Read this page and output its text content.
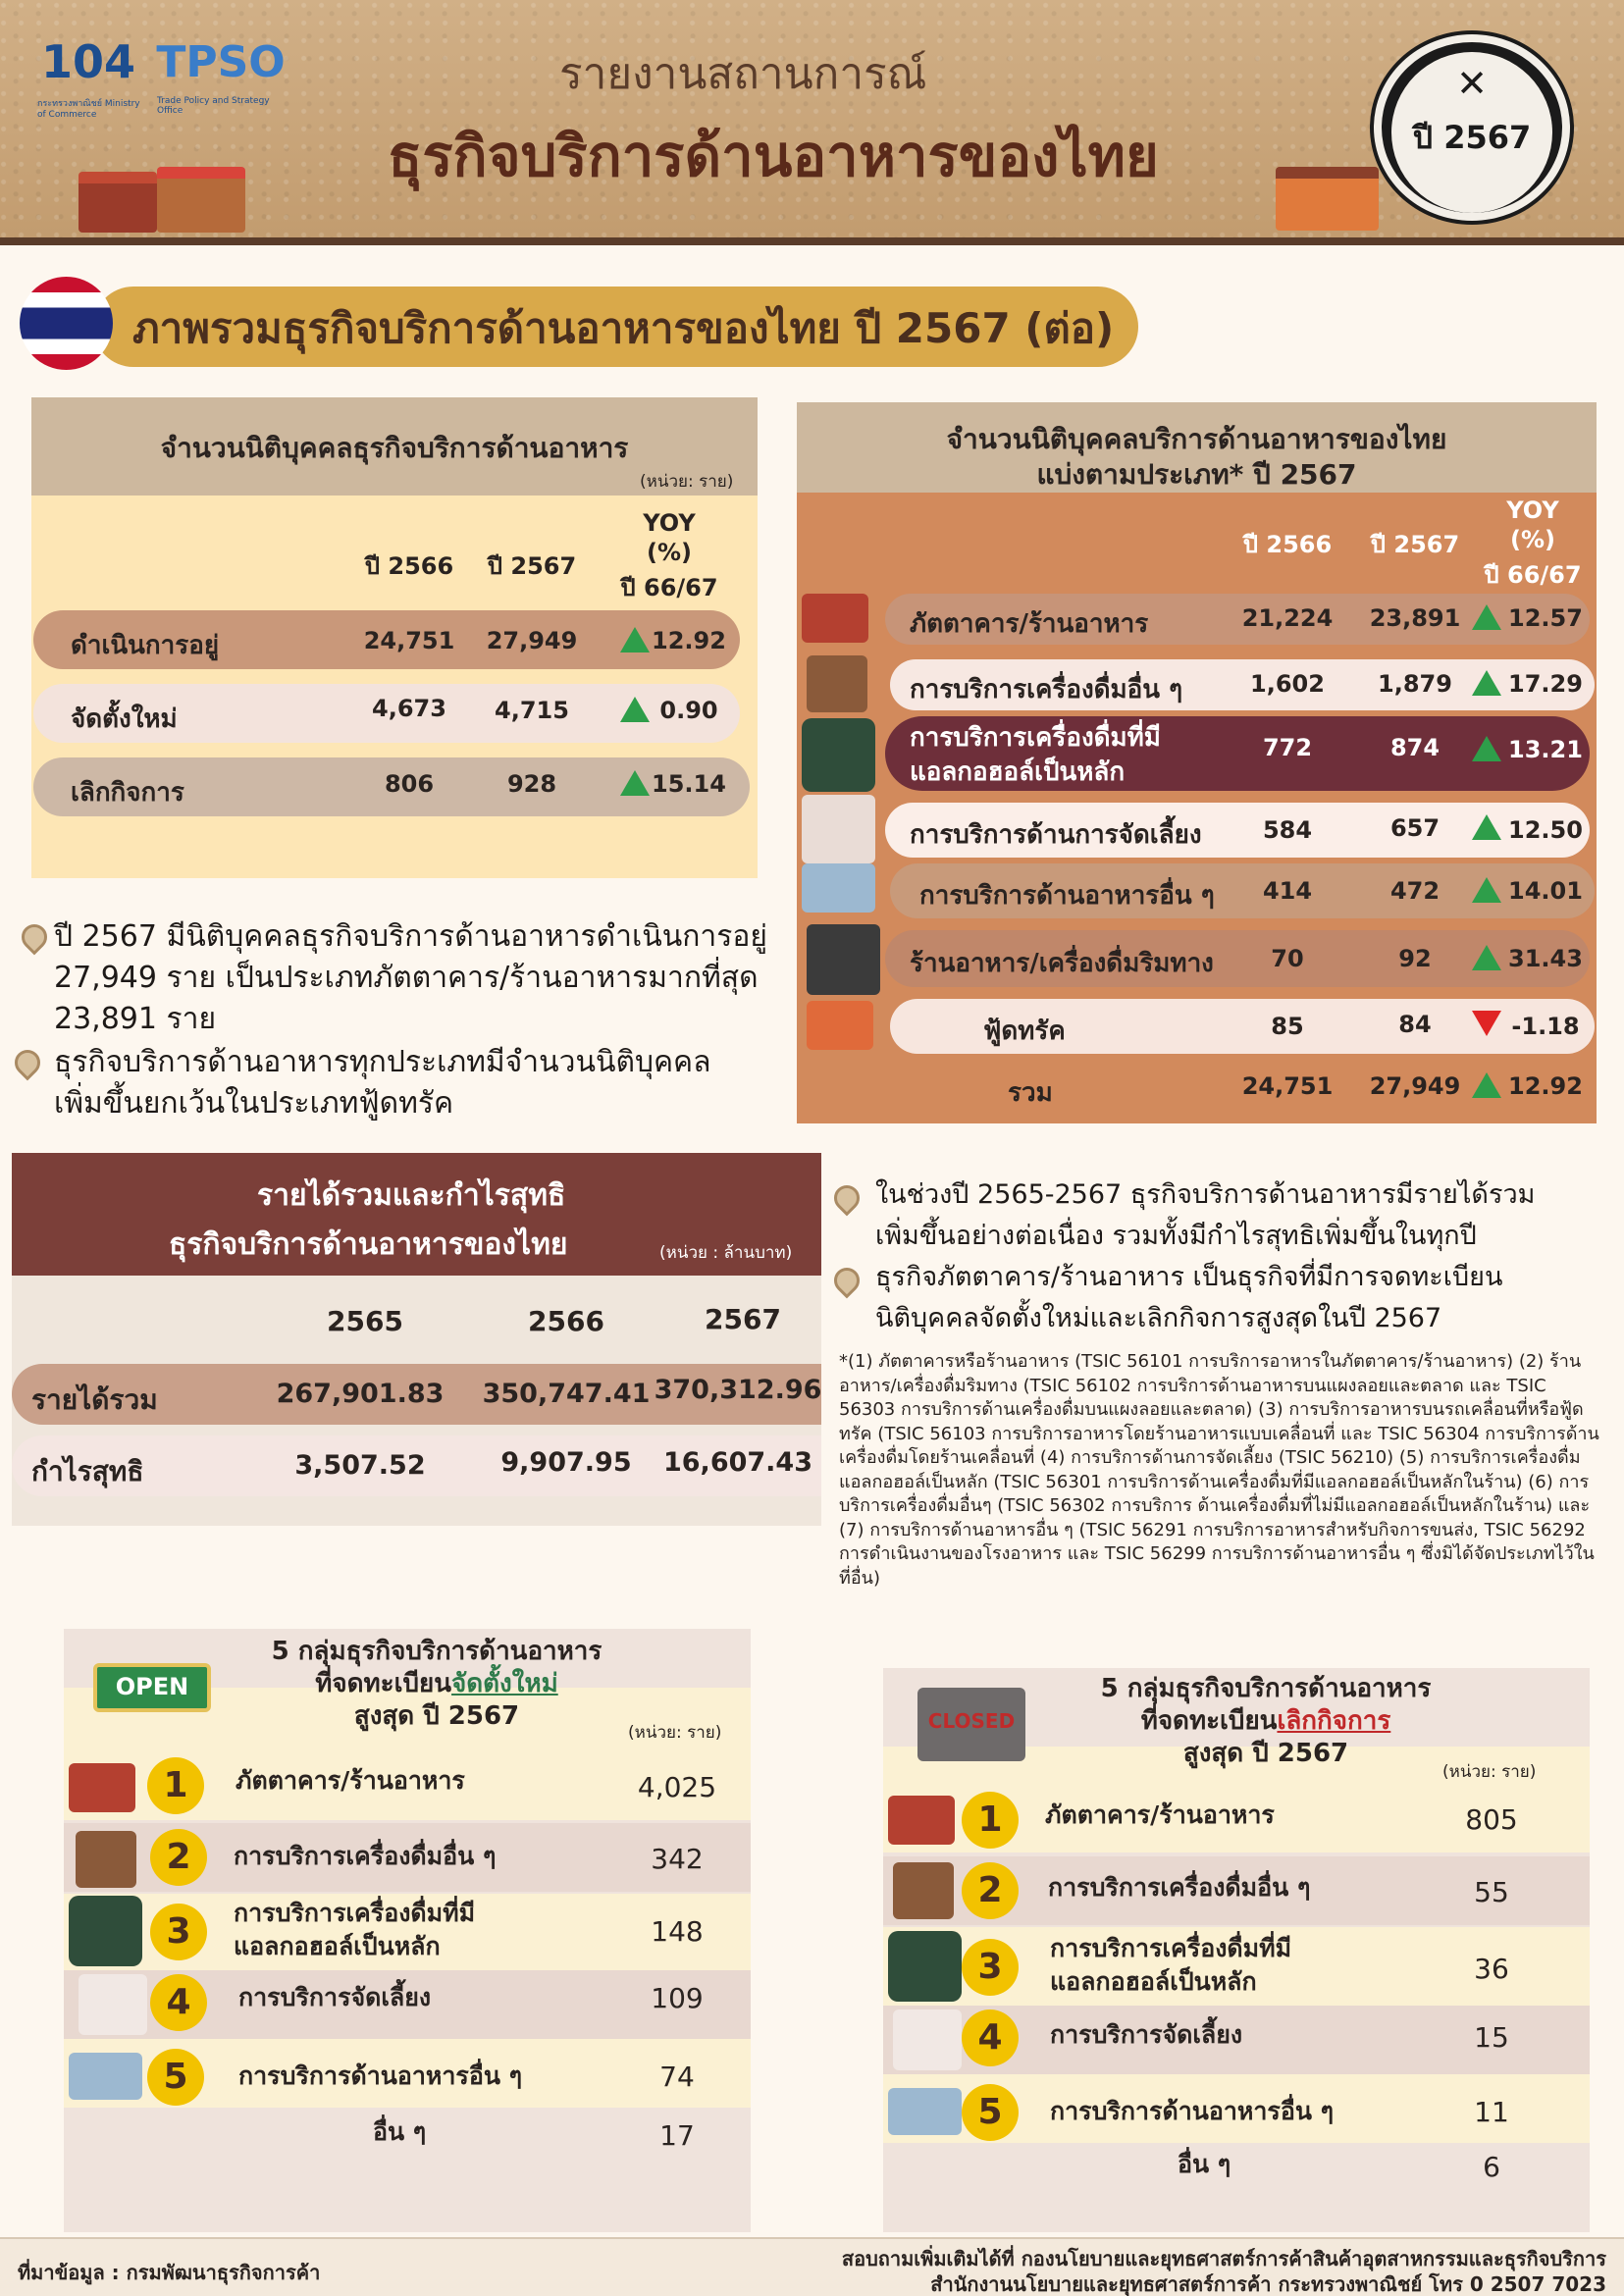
104
กระทรวงพาณิชย์ Ministry of Commerce
TPSO
Trade Policy and Strategy Office
รายงานสถานการณ์
ธุรกิจบริการด้านอาหารของไทย
✕
ปี 2567
ภาพรวมธุรกิจบริการด้านอาหารของไทย ปี 2567 (ต่อ)
จำนวนนิติบุคคลธุรกิจบริการด้านอาหาร
(หน่วย: ราย)
ปี 2566	ปี 2567
YOY
(%)
ปี 66/67
ดำเนินการอยู่	24,751	27,949	12.92
จัดตั้งใหม่	4,673	4,715	0.90
เลิกกิจการ	806	928	15.14
จำนวนนิติบุคคลบริการด้านอาหารของไทย
แบ่งตามประเภท* ปี 2567
ปี 2566	ปี 2567
YOY
(%)
ปี 66/67
ภัตตาคาร/ร้านอาหาร	21,224	23,891	12.57
การบริการเครื่องดื่มอื่น ๆ	1,602	1,879	17.29
การบริการเครื่องดื่มที่มี
แอลกอฮอล์เป็นหลัก
772	874	13.21
การบริการด้านการจัดเลี้ยง	584	657	12.50
การบริการด้านอาหารอื่น ๆ	414	472	14.01
ร้านอาหาร/เครื่องดื่มริมทาง	70	92	31.43
ฟู้ดทรัค	85	84	-1.18
รวม	24,751	27,949	12.92
ปี 2567 มีนิติบุคคลธุรกิจบริการด้านอาหารดำเนินการอยู่
27,949 ราย เป็นประเภทภัตตาคาร/ร้านอาหารมากที่สุด
23,891 ราย
ธุรกิจบริการด้านอาหารทุกประเภทมีจำนวนนิติบุคคล
เพิ่มขึ้นยกเว้นในประเภทฟู้ดทรัค
รายได้รวมและกำไรสุทธิ
ธุรกิจบริการด้านอาหารของไทย	(หน่วย : ล้านบาท)
2565	2566	2567
รายได้รวม	267,901.83 350,747.41 370,312.96
กำไรสุทธิ	3,507.52	9,907.95	16,607.43
ในช่วงปี 2565-2567 ธุรกิจบริการด้านอาหารมีรายได้รวม
เพิ่มขึ้นอย่างต่อเนื่อง รวมทั้งมีกำไรสุทธิเพิ่มขึ้นในทุกปี
ธุรกิจภัตตาคาร/ร้านอาหาร เป็นธุรกิจที่มีการจดทะเบียน
นิติบุคคลจัดตั้งใหม่และเลิกกิจการสูงสุดในปี 2567
*(1) ภัตตาคารหรือร้านอาหาร (TSIC 56101 การบริการอาหารในภัตตาคาร/ร้านอาหาร) (2) ร้านอาหาร/เครื่องดื่มริมทาง (TSIC 56102 การบริการด้านอาหารบนแผงลอยและตลาด และ TSIC 56303 การบริการด้านเครื่องดื่มบนแผงลอยและตลาด) (3) การบริการอาหารบนรถเคลื่อนที่หรือฟู้ดทรัค (TSIC 56103 การบริการอาหารโดยร้านอาหารแบบเคลื่อนที่ และ TSIC 56304 การบริการด้านเครื่องดื่มโดยร้านเคลื่อนที่ (4) การบริการด้านการจัดเลี้ยง (TSIC 56210) (5) การบริการเครื่องดื่มแอลกอฮอล์เป็นหลัก (TSIC 56301 การบริการด้านเครื่องดื่มที่มีแอลกอฮอล์เป็นหลักในร้าน) (6) การบริการเครื่องดื่มอื่นๆ (TSIC 56302 การบริการ ด้านเครื่องดื่มที่ไม่มีแอลกอฮอล์เป็นหลักในร้าน) และ (7) การบริการด้านอาหารอื่น ๆ (TSIC 56291 การบริการอาหารสำหรับกิจการขนส่ง, TSIC 56292 การดำเนินงานของโรงอาหาร และ TSIC 56299 การบริการด้านอาหารอื่น ๆ ซึ่งมิได้จัดประเภทไว้ในที่อื่น)
OPEN
5 กลุ่มธุรกิจบริการด้านอาหาร
ที่จดทะเบียนจัดตั้งใหม่
สูงสุด ปี 2567
(หน่วย: ราย)
1	ภัตตาคาร/ร้านอาหาร	4,025
2	การบริการเครื่องดื่มอื่น ๆ	342
3	การบริการเครื่องดื่มที่มี
แอลกอฮอล์เป็นหลัก	148
4	การบริการจัดเลี้ยง	109
5	การบริการด้านอาหารอื่น ๆ	74
อื่น ๆ	17
CLOSED
5 กลุ่มธุรกิจบริการด้านอาหาร
ที่จดทะเบียนเลิกกิจการ
สูงสุด ปี 2567
(หน่วย: ราย)
1	ภัตตาคาร/ร้านอาหาร	805
2	การบริการเครื่องดื่มอื่น ๆ	55
3	การบริการเครื่องดื่มที่มี
แอลกอฮอล์เป็นหลัก	36
4	การบริการจัดเลี้ยง	15
5	การบริการด้านอาหารอื่น ๆ	11
อื่น ๆ	6
ที่มาข้อมูล : กรมพัฒนาธุรกิจการค้า
สอบถามเพิ่มเติมได้ที่ กองนโยบายและยุทธศาสตร์การค้าสินค้าอุตสาหกรรมและธุรกิจบริการ
สำนักงานนโยบายและยุทธศาสตร์การค้า กระทรวงพาณิชย์ โทร 0 2507 7023
